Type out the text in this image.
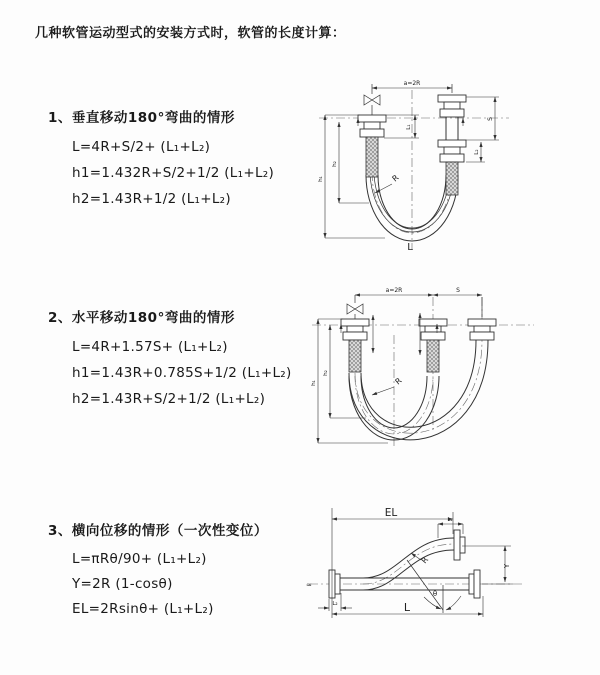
几种软管运动型式的安装方式时，软管的长度计算：
1、垂直移动180°弯曲的情形
L=4R+S/2+ (L₁+L₂)
h1=1.432R+S/2+1/2 (L₁+L₂)
h2=1.43R+1/2 (L₁+L₂)
2、水平移动180°弯曲的情形
L=4R+1.57S+ (L₁+L₂)
h1=1.43R+0.785S+1/2 (L₁+L₂)
h2=1.43R+S/2+1/2 (L₁+L₂)
3、横向位移的情形（一次性变位）
L=πRθ/90+ (L₁+L₂)
Y=2R (1-cosθ)
EL=2Rsinθ+ (L₁+L₂)
a=2R
h₁
h₂
L₁
S
L₂
R
L
a=2R	S
h₁
h₂
R
≈
EL
L₁
Y
L
L₂
θ
R
